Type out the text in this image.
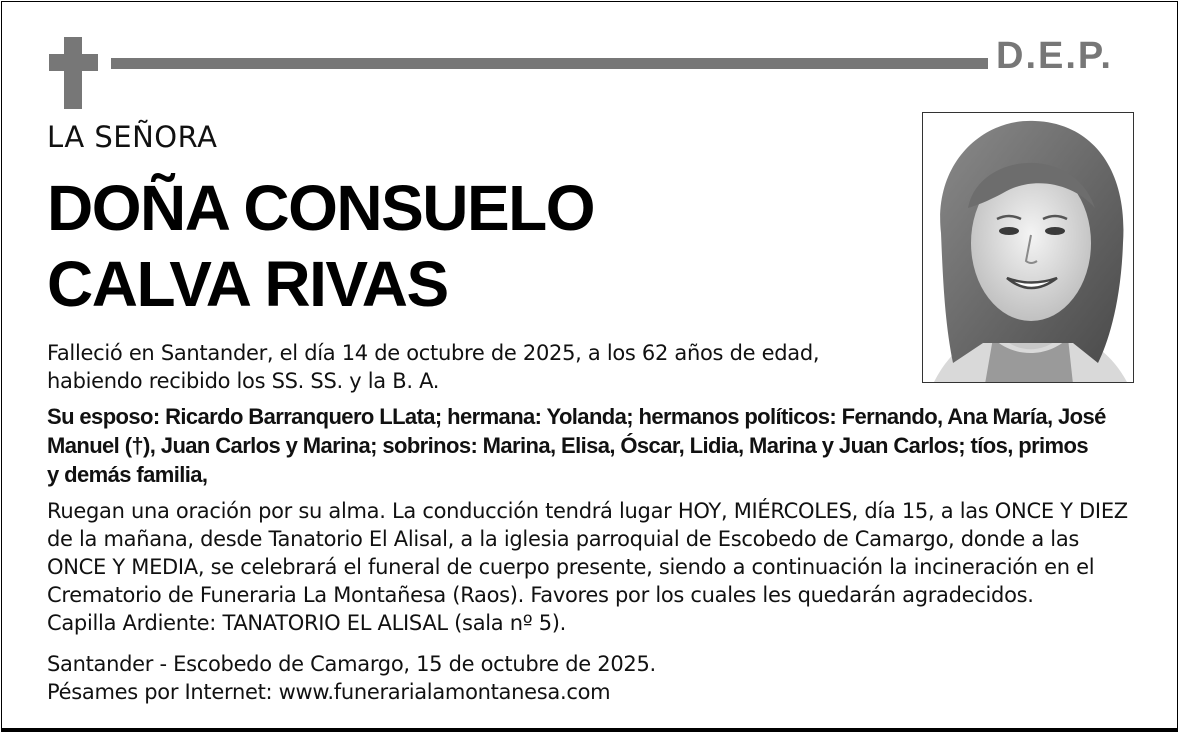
D.E.P.
LA SEÑORA
DOÑA CONSUELO
CALVA RIVAS
Falleció en Santander, el día 14 de octubre de 2025, a los 62 años de edad,
habiendo recibido los SS. SS. y la B. A.
Su esposo: Ricardo Barranquero LLata; hermana: Yolanda; hermanos políticos: Fernando, Ana María, José
Manuel (†), Juan Carlos y Marina; sobrinos: Marina, Elisa, Óscar, Lidia, Marina y Juan Carlos; tíos, primos
y demás familia,
Ruegan una oración por su alma. La conducción tendrá lugar HOY, MIÉRCOLES, día 15, a las ONCE Y DIEZ
de la mañana, desde Tanatorio El Alisal, a la iglesia parroquial de Escobedo de Camargo, donde a las
ONCE Y MEDIA, se celebrará el funeral de cuerpo presente, siendo a continuación la incineración en el
Crematorio de Funeraria La Montañesa (Raos). Favores por los cuales les quedarán agradecidos.
Capilla Ardiente: TANATORIO EL ALISAL (sala nº 5).
Santander - Escobedo de Camargo, 15 de octubre de 2025.
Pésames por Internet: www.funerarialamontanesa.com
